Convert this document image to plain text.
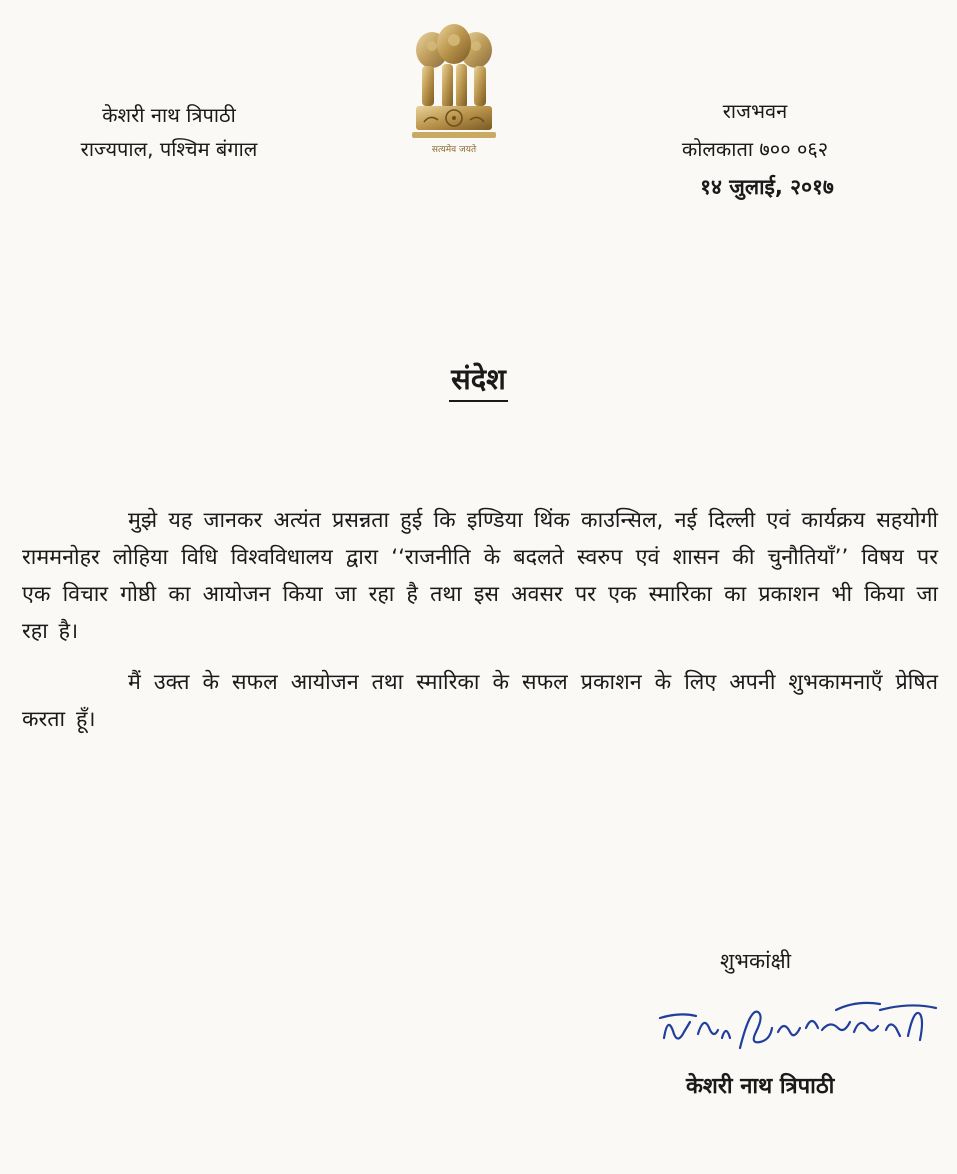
केशरी नाथ त्रिपाठी
राज्यपाल, पश्चिम बंगाल	सत्यमेव जयते
राजभवन
कोलकाता ७०० ०६२
१४ जुलाई, २०१७
संदेश

मुझे यह जानकर अत्यंत प्रसन्नता हुई कि इण्डिया थिंक काउन्सिल, नई दिल्ली एवं कार्यक्रय सहयोगी राममनोहर लोहिया विधि विश्वविधालय द्वारा ‘‘राजनीति के बदलते स्वरुप एवं शासन की चुनौतियाँ’’ विषय पर एक विचार गोष्ठी का आयोजन किया जा रहा है तथा इस अवसर पर एक स्मारिका का प्रकाशन भी किया जा रहा है।

मैं उक्त के सफल आयोजन तथा स्मारिका के सफल प्रकाशन के लिए अपनी शुभकामनाएँ प्रेषित करता हूँ।

शुभकांक्षी
केशरी नाथ त्रिपाठी
